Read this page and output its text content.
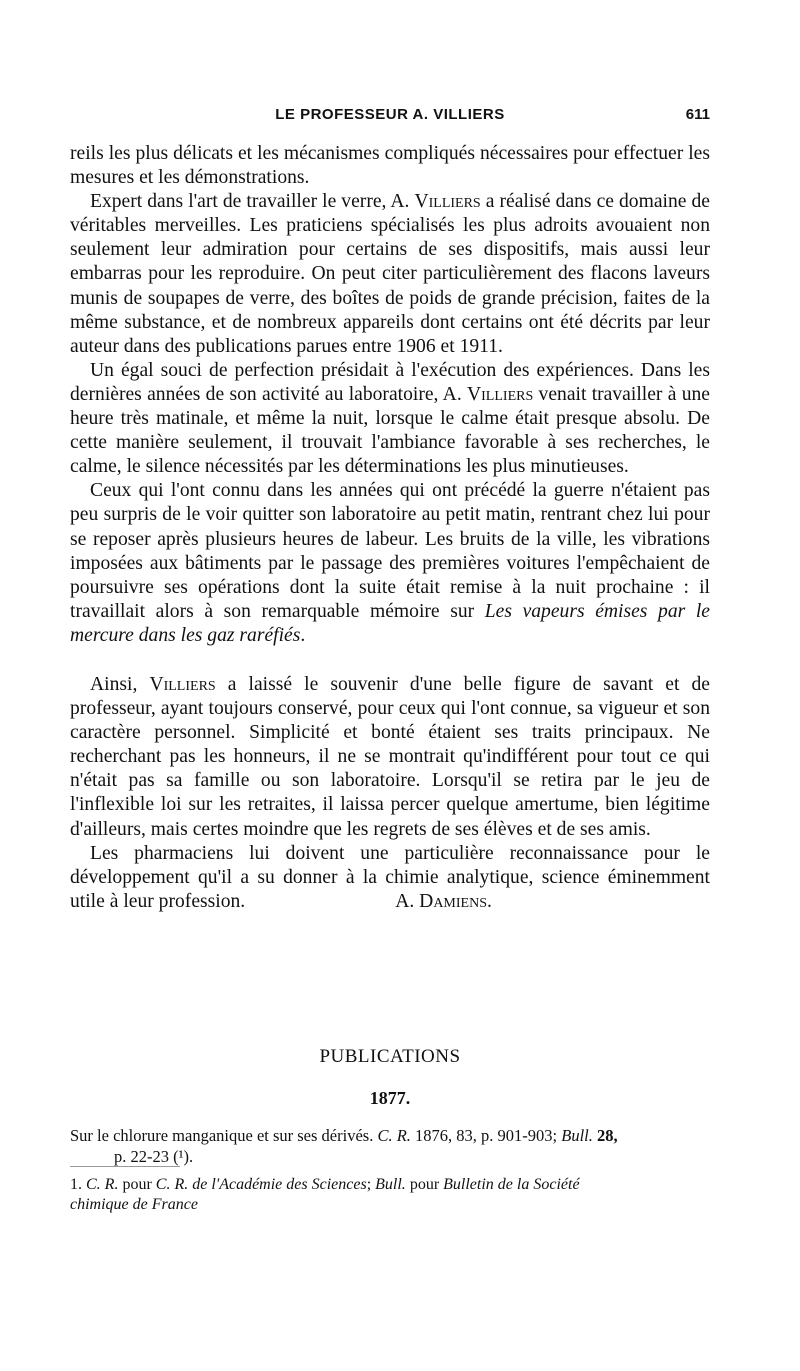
LE PROFESSEUR A. VILLIERS	611

reils les plus délicats et les mécanismes compliqués nécessaires pour effectuer les mesures et les démonstrations.

Expert dans l'art de travailler le verre, A. Villiers a réalisé dans ce domaine de véritables merveilles. Les praticiens spécialisés les plus adroits avouaient non seulement leur admiration pour certains de ses dispositifs, mais aussi leur embarras pour les reproduire. On peut citer particulièrement des flacons laveurs munis de soupapes de verre, des boîtes de poids de grande précision, faites de la même substance, et de nombreux appareils dont certains ont été décrits par leur auteur dans des publications parues entre 1906 et 1911.

Un égal souci de perfection présidait à l'exécution des expériences. Dans les dernières années de son activité au laboratoire, A. Villiers venait travailler à une heure très matinale, et même la nuit, lorsque le calme était presque absolu. De cette manière seulement, il trouvait l'ambiance favorable à ses recherches, le calme, le silence nécessités par les déterminations les plus minutieuses.

Ceux qui l'ont connu dans les années qui ont précédé la guerre n'étaient pas peu surpris de le voir quitter son laboratoire au petit matin, rentrant chez lui pour se reposer après plusieurs heures de labeur. Les bruits de la ville, les vibrations imposées aux bâtiments par le passage des premières voitures l'empêchaient de poursuivre ses opérations dont la suite était remise à la nuit prochaine : il travaillait alors à son remarquable mémoire sur Les vapeurs émises par le mercure dans les gaz raréfiés.

Ainsi, Villiers a laissé le souvenir d'une belle figure de savant et de professeur, ayant toujours conservé, pour ceux qui l'ont connue, sa vigueur et son caractère personnel. Simplicité et bonté étaient ses traits principaux. Ne recherchant pas les honneurs, il ne se montrait qu'indifférent pour tout ce qui n'était pas sa famille ou son laboratoire. Lorsqu'il se retira par le jeu de l'inflexible loi sur les retraites, il laissa percer quelque amertume, bien légitime d'ailleurs, mais certes moindre que les regrets de ses élèves et de ses amis.

Les pharmaciens lui doivent une particulière reconnaissance pour le développement qu'il a su donner à la chimie analytique, science éminemment utile à leur profession.	A. Damiens.

PUBLICATIONS
1877.
Sur le chlorure manganique et sur ses dérivés. C. R. 1876, 83, p. 901-903; Bull. 28,
p. 22-23 (¹).
1. C. R. pour C. R. de l'Académie des Sciences; Bull. pour Bulletin de la Société
chimique de France
